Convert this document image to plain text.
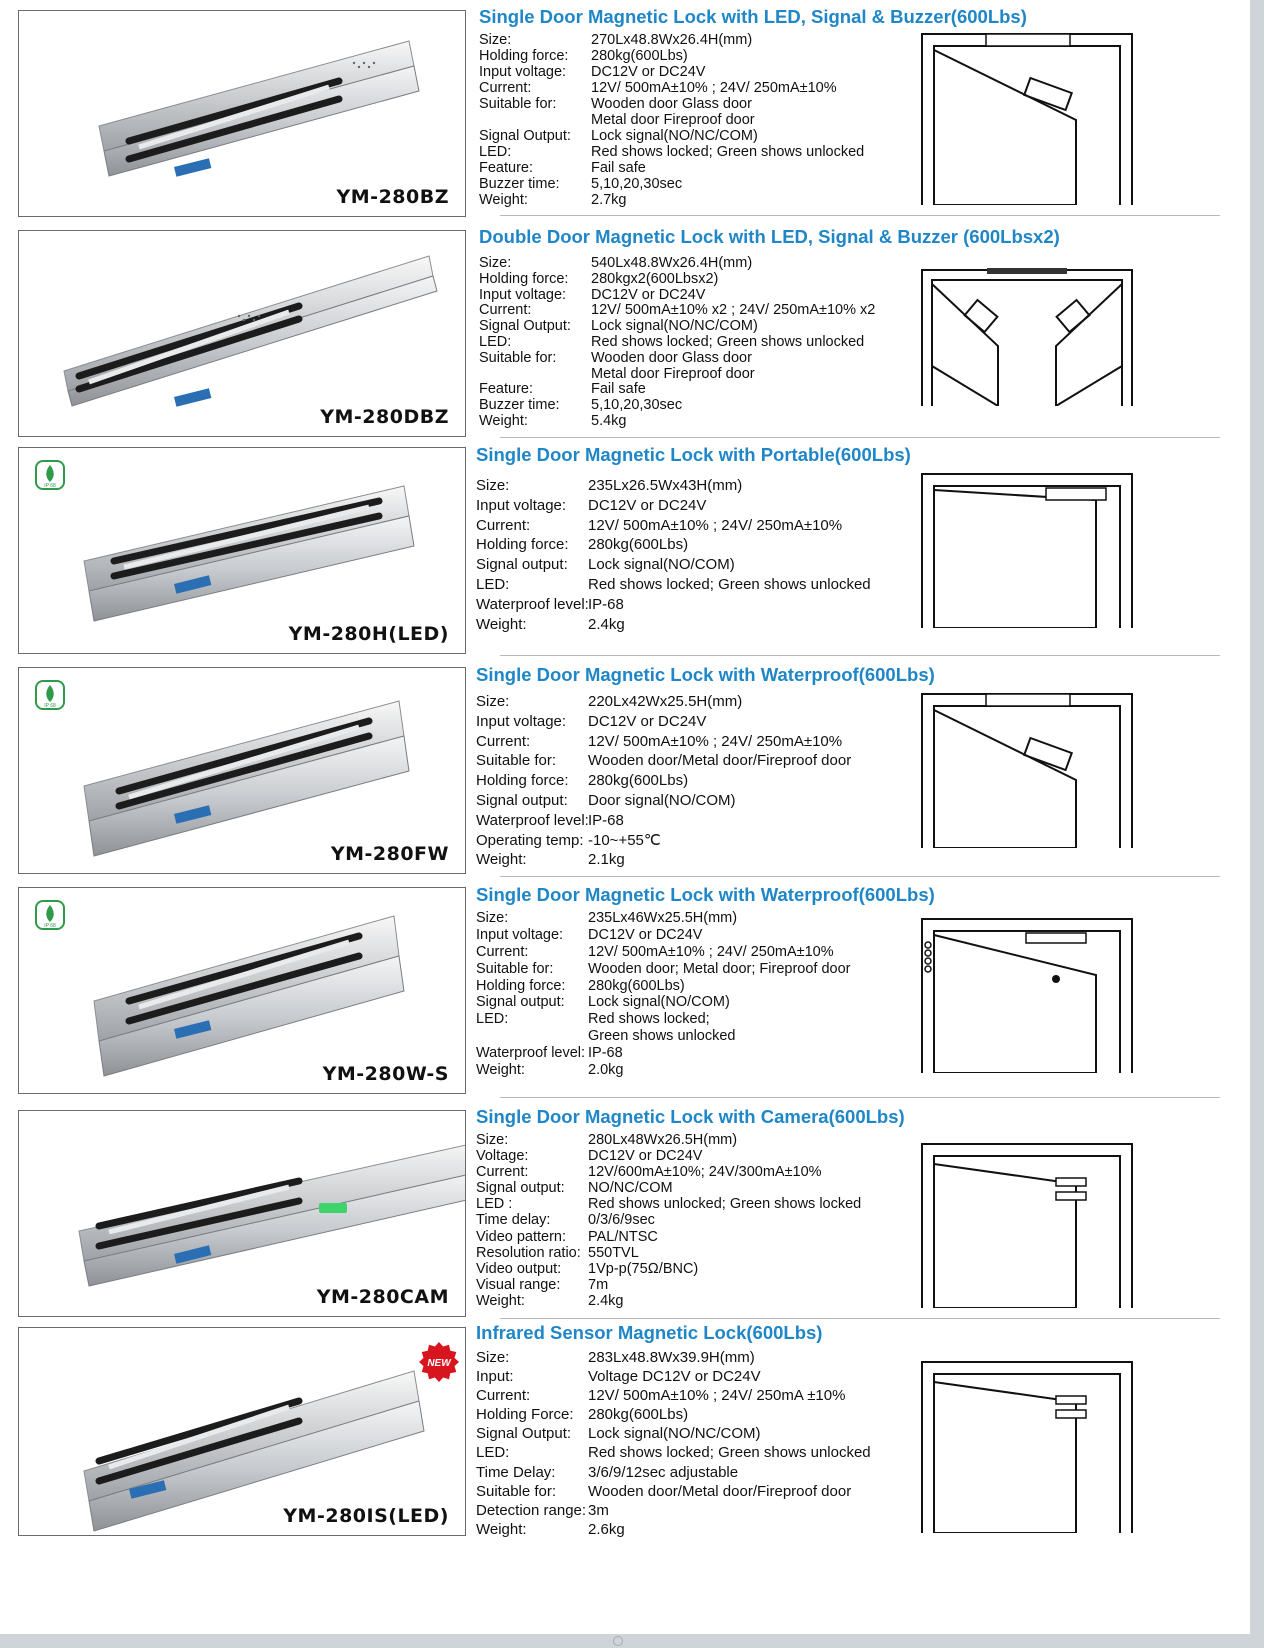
YM-280BZ
Single Door Magnetic Lock with LED, Signal & Buzzer(600Lbs)
Size:	270Lx48.8Wx26.4H(mm)
Holding force: 280kg(600Lbs)
Input voltage: DC12V or DC24V
Current:	12V/ 500mA±10% ; 24V/ 250mA±10%
Suitable for: Wooden door Glass door
Metal door Fireproof door
Signal Output: Lock signal(NO/NC/COM)
LED:	Red shows locked; Green shows unlocked
Feature:	Fail safe
Buzzer time: 5,10,20,30sec
Weight:	2.7kg
YM-280DBZ
Double Door Magnetic Lock with LED, Signal & Buzzer (600Lbsx2)
Size:	540Lx48.8Wx26.4H(mm)
Holding force: 280kgx2(600Lbsx2)
Input voltage: DC12V or DC24V
Current:	12V/ 500mA±10% x2 ; 24V/ 250mA±10% x2
Signal Output: Lock signal(NO/NC/COM)
LED:	Red shows locked; Green shows unlocked
Suitable for: Wooden door Glass door
Metal door Fireproof door
Feature:	Fail safe
Buzzer time: 5,10,20,30sec
Weight:	5.4kg
IP 68
YM-280H(LED)
Single Door Magnetic Lock with Portable(600Lbs)
Size:	235Lx26.5Wx43H(mm)
Input voltage: DC12V or DC24V
Current:	12V/ 500mA±10% ; 24V/ 250mA±10%
Holding force: 280kg(600Lbs)
Signal output: Lock signal(NO/COM)
LED:	Red shows locked; Green shows unlocked
Waterproof level: IP-68
Weight:	2.4kg
IP 68
YM-280FW
Single Door Magnetic Lock with Waterproof(600Lbs)
Size:	220Lx42Wx25.5H(mm)
Input voltage: DC12V or DC24V
Current:	12V/ 500mA±10% ; 24V/ 250mA±10%
Suitable for: Wooden door/Metal door/Fireproof door
Holding force: 280kg(600Lbs)
Signal output: Door signal(NO/COM)
Waterproof level: IP-68
Operating temp: -10~+55℃
Weight:	2.1kg
IP 68
YM-280W-S
Single Door Magnetic Lock with Waterproof(600Lbs)
Size:	235Lx46Wx25.5H(mm)
Input voltage: DC12V or DC24V
Current:	12V/ 500mA±10% ; 24V/ 250mA±10%
Suitable for: Wooden door; Metal door; Fireproof door
Holding force: 280kg(600Lbs)
Signal output: Lock signal(NO/COM)
LED:	Red shows locked;
Green shows unlocked
Waterproof level: IP-68
Weight:	2.0kg
YM-280CAM
Single Door Magnetic Lock with Camera(600Lbs)
Size:	280Lx48Wx26.5H(mm)
Voltage:	DC12V or DC24V
Current:	12V/600mA±10%; 24V/300mA±10%
Signal output: NO/NC/COM
LED :	Red shows unlocked; Green shows locked
Time delay:	0/3/6/9sec
Video pattern: PAL/NTSC
Resolution ratio: 550TVL
Video output: 1Vp-p(75Ω/BNC)
Visual range: 7m
Weight:	2.4kg
NEW
YM-280IS(LED)
Infrared Sensor Magnetic Lock(600Lbs)
Size:	283Lx48.8Wx39.9H(mm)
Input:	Voltage DC12V or DC24V
Current:	12V/ 500mA±10% ; 24V/ 250mA ±10%
Holding Force: 280kg(600Lbs)
Signal Output: Lock signal(NO/NC/COM)
LED:	Red shows locked; Green shows unlocked
Time Delay: 3/6/9/12sec adjustable
Suitable for: Wooden door/Metal door/Fireproof door
Detection range: 3m
Weight:	2.6kg
